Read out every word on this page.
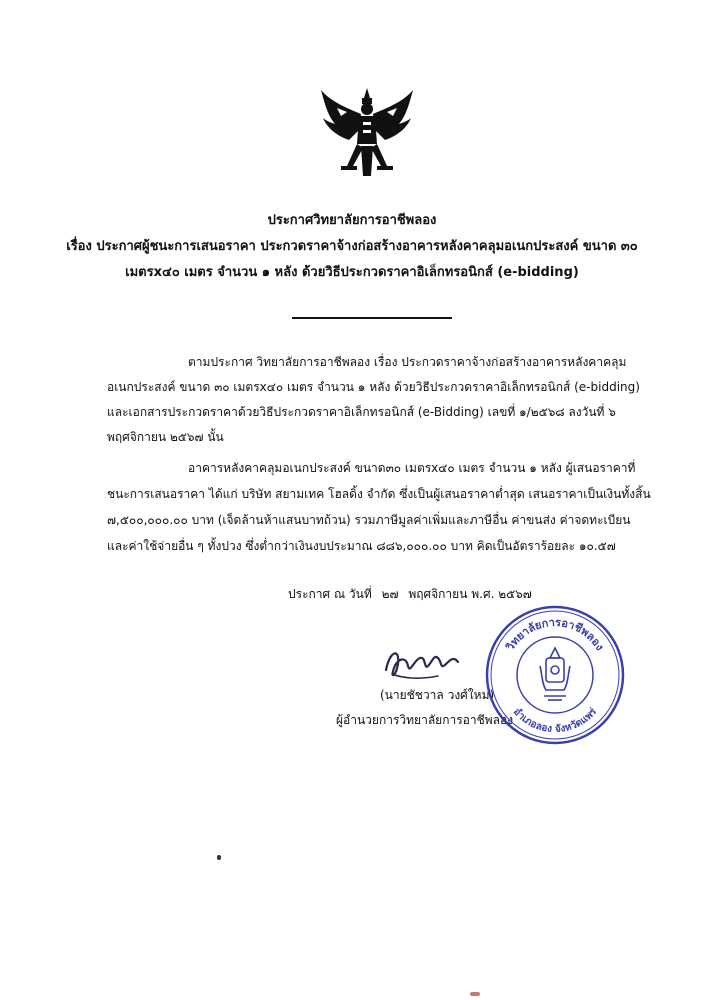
ประกาศวิทยาลัยการอาชีพลอง
เรื่อง ประกาศผู้ชนะการเสนอราคา ประกวดราคาจ้างก่อสร้างอาคารหลังคาคลุมอเนกประสงค์ ขนาด ๓๐
เมตรx๔๐ เมตร จำนวน ๑ หลัง ด้วยวิธีประกวดราคาอิเล็กทรอนิกส์ (e-bidding)
ตามประกาศ วิทยาลัยการอาชีพลอง เรื่อง ประกวดราคาจ้างก่อสร้างอาคารหลังคาคลุม
อเนกประสงค์ ขนาด ๓๐ เมตรx๔๐ เมตร จำนวน ๑ หลัง ด้วยวิธีประกวดราคาอิเล็กทรอนิกส์ (e-bidding)
และเอกสารประกวดราคาด้วยวิธีประกวดราคาอิเล็กทรอนิกส์ (e-Bidding) เลขที่ ๑/๒๕๖๘ ลงวันที่ ๖
พฤศจิกายน ๒๕๖๗ นั้น
อาคารหลังคาคลุมอเนกประสงค์ ขนาด๓๐ เมตรx๔๐ เมตร จำนวน ๑ หลัง ผู้เสนอราคาที่
ชนะการเสนอราคา ได้แก่ บริษัท สยามเทค โฮลดิ้ง จำกัด ซึ่งเป็นผู้เสนอราคาต่ำสุด เสนอราคาเป็นเงินทั้งสิ้น
๗,๕๐๐,๐๐๐.๐๐ บาท (เจ็ดล้านห้าแสนบาทถ้วน) รวมภาษีมูลค่าเพิ่มและภาษีอื่น ค่าขนส่ง ค่าจดทะเบียน
และค่าใช้จ่ายอื่น ๆ ทั้งปวง ซึ่งต่ำกว่าเงินงบประมาณ ๘๘๖,๐๐๐.๐๐ บาท คิดเป็นอัตราร้อยละ ๑๐.๕๗
ประกาศ ณ วันที่ ๒๗ พฤศจิกายน พ.ศ. ๒๕๖๗
(นายชัชวาล วงศ์ใหม่)
ผู้อำนวยการวิทยาลัยการอาชีพลอง
วิทยาลัยการอาชีพลอง
อำเภอลอง จังหวัดแพร่
